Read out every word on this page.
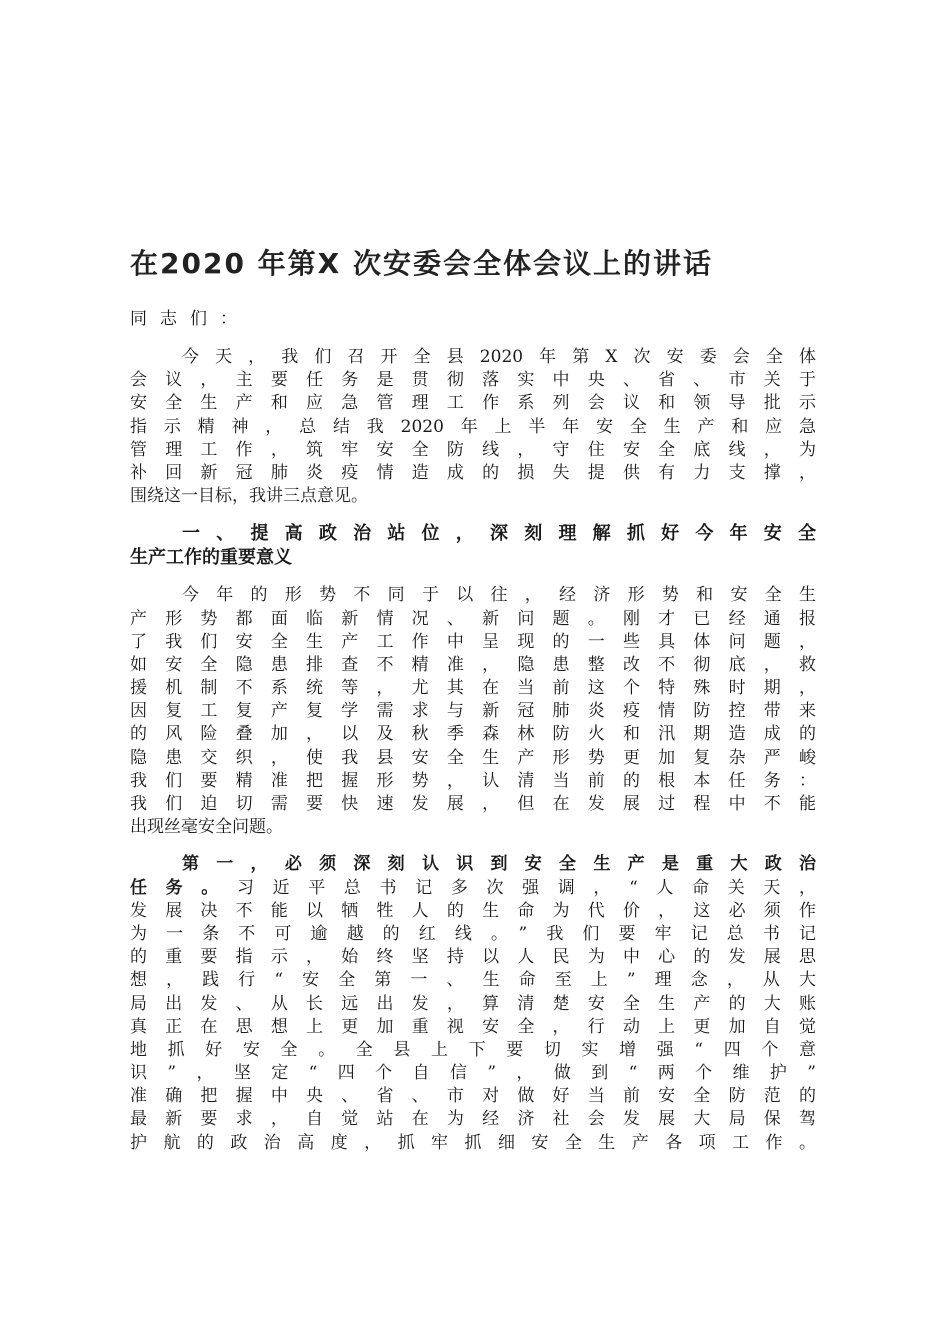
在2020 年第X 次安委会全体会议上的讲话
同志们：
今天，我们召开全县2020年第X次安委会全体
会议，主要任务是贯彻落实中央、省、市关于
安全生产和应急管理工作系列会议和领导批示
指示精神，总结我2020年上半年安全生产和应急
管理工作，筑牢安全防线，守住安全底线，为
补回新冠肺炎疫情造成的损失提供有力支撑，
围绕这一目标，我讲三点意见。
一、提高政治站位，深刻理解抓好今年安全
生产工作的重要意义
今年的形势不同于以往，经济形势和安全生
产形势都面临新情况、新问题。刚才已经通报
了我们安全生产工作中呈现的一些具体问题，
如安全隐患排查不精准，隐患整改不彻底，救
援机制不系统等，尤其在当前这个特殊时期，
因复工复产复学需求与新冠肺炎疫情防控带来
的风险叠加，以及秋季森林防火和汛期造成的
隐患交织，使我县安全生产形势更加复杂严峻
我们要精准把握形势，认清当前的根本任务：
我们迫切需要快速发展，但在发展过程中不能
出现丝毫安全问题。
第一，必须深刻认识到安全生产是重大政治
任务。习近平总书记多次强调，“人命关天，
发展决不能以牺牲人的生命为代价，这必须作
为一条不可逾越的红线。”我们要牢记总书记
的重要指示，始终坚持以人民为中心的发展思
想，践行“安全第一、生命至上”理念，从大
局出发、从长远出发，算清楚安全生产的大账
真正在思想上更加重视安全，行动上更加自觉
地抓好安全。全县上下要切实增强“四个意
识”，坚定“四个自信”，做到“两个维护”
准确把握中央、省、市对做好当前安全防范的
最新要求，自觉站在为经济社会发展大局保驾
护航的政治高度，抓牢抓细安全生产各项工作。
